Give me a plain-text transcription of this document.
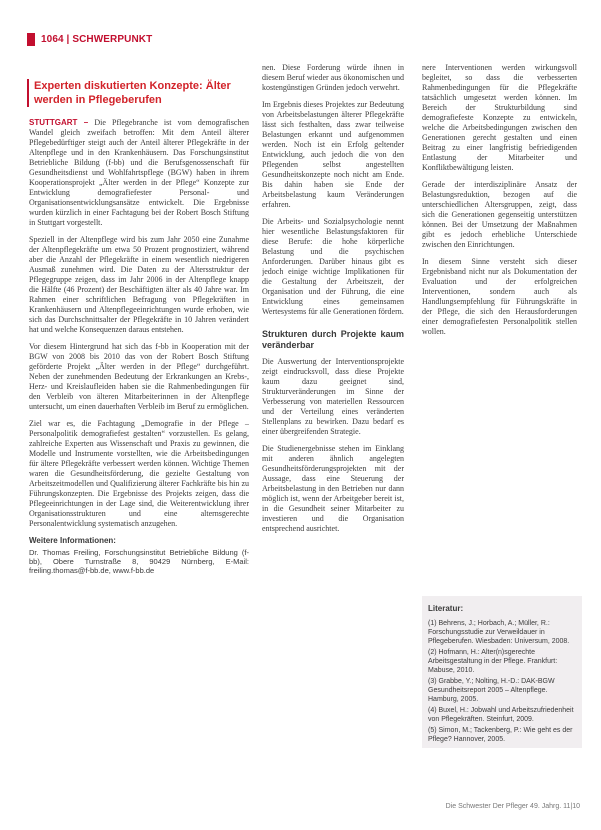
1064 | SCHWERPUNKT
Experten diskutierten Konzepte: Älter werden in Pflegeberufen

STUTTGART – Die Pflegebranche ist vom demografischen Wandel gleich zweifach betroffen: Mit dem Anteil älterer Pflegebedürftiger steigt auch der Anteil älterer Pflegekräfte in der Altenpflege und in den Krankenhäusern. Das Forschungsinstitut Betriebliche Bildung (f-bb) und die Berufsgenossenschaft für Gesundheitsdienst und Wohlfahrtspflege (BGW) haben in ihrem Kooperationsprojekt „Älter werden in der Pflege“ Konzepte zur Entwicklung demografiefester Personal- und Organisationsentwicklungsansätze entwickelt. Die Ergebnisse wurden kürzlich in einer Fachtagung bei der Robert Bosch Stiftung in Stuttgart vorgestellt.

Speziell in der Altenpflege wird bis zum Jahr 2050 eine Zunahme der Altenpflegekräfte um etwa 50 Prozent prognostiziert, während aber die Anzahl der Pflegekräfte in einem wesentlich niedrigeren Ausmaß zunehmen wird. Die Daten zu der Altersstruktur der Pflegegruppe zeigen, dass im Jahr 2006 in der Altenpflege knapp die Hälfte (46 Prozent) der Beschäftigten älter als 40 Jahre war. Im Rahmen einer schriftlichen Befragung von Pflegekräften in Krankenhäusern und Altenpflegeeinrichtungen wurde erhoben, wie sich das Durchschnittsalter der Pflegekräfte in 10 Jahren verändert hat und welche Konsequenzen daraus entstehen.

Vor diesem Hintergrund hat sich das f-bb in Kooperation mit der BGW von 2008 bis 2010 das von der Robert Bosch Stiftung geförderte Projekt „Älter werden in der Pflege“ durchgeführt. Neben der zunehmenden Bedeutung der Erkrankungen an Krebs-, Herz- und Kreislaufleiden haben sie die Rahmenbedingungen für den Verbleib von älteren Mitarbeiterinnen in der Altenpflege untersucht, um einen dauerhaften Verbleib im Beruf zu ermöglichen.

Ziel war es, die Fachtagung „Demografie in der Pflege – Personalpolitik demografiefest gestalten“ vorzustellen. Es gelang, zahlreiche Experten aus Wissenschaft und Praxis zu gewinnen, die Modelle und Instrumente vorstellten, wie die Arbeitsbedingungen für ältere Pflegekräfte verbessert werden können. Wichtige Themen waren die Gesundheitsförderung, die gezielte Gestaltung von Arbeitszeitmodellen und Qualifizierung älterer Fachkräfte bis hin zu Führungskonzepten. Die Ergebnisse des Projekts zeigen, dass die Pflegeeinrichtungen in der Lage sind, die Weiterentwicklung ihrer Organisationsstrukturen und eine alternsgerechte Personalentwicklung systematisch anzugehen.

Weitere Informationen:
Dr. Thomas Freiling, Forschungsinstitut Betriebliche Bildung (f-bb), Obere Turnstraße 8, 90429 Nürnberg, E-Mail: freiling.thomas@f-bb.de, www.f-bb.de

nen. Diese Forderung würde ihnen in diesem Beruf wieder aus ökonomischen und kostengünstigen Gründen jedoch verwehrt.

Im Ergebnis dieses Projektes zur Bedeutung von Arbeitsbelastungen älterer Pflegekräfte lässt sich festhalten, dass zwar teilweise Belastungen erkannt und aufgenommen werden. Noch ist ein Erfolg geltender Entwicklung, auch jedoch die von den Pflegenden selbst angestellten Gesundheitskonzepte noch nicht am Ende. Bis dahin haben sie Ende der Arbeitsbelastung kaum Veränderungen erfahren.

Die Arbeits- und Sozialpsychologie nennt hier wesentliche Belastungsfaktoren für diese Berufe: die hohe körperliche Belastung und die psychischen Anforderungen. Darüber hinaus gibt es jedoch einige wichtige Implikationen für die Gestaltung der Arbeitszeit, der Organisation und der Führung, die eine Entwicklung eines gemeinsamen Wertesystems für alle Generationen fördern.

Strukturen durch Projekte kaum veränderbar

Die Auswertung der Interventionsprojekte zeigt eindrucksvoll, dass diese Projekte kaum dazu geeignet sind, Strukturveränderungen im Sinne der Verbesserung von materiellen Ressourcen und der Verteilung eines veränderten Stellenplans zu bewirken. Dazu bedarf es einer übergreifenden Strategie.

Die Studienergebnisse stehen im Einklang mit anderen ähnlich angelegten Gesundheitsförderungsprojekten mit der Aussage, dass eine Steuerung der Arbeitsbelastung in den Betrieben nur dann möglich ist, wenn der Arbeitgeber bereit ist, in die Gesundheit seiner Mitarbeiter zu investieren und die Organisation entsprechend ausrichtet.

nere Interventionen werden wirkungsvoll begleitet, so dass die verbesserten Rahmenbedingungen für die Pflegekräfte tatsächlich umgesetzt werden können. Im Bereich der Strukturbildung sind demografiefeste Konzepte zu entwickeln, welche die Arbeitsbedingungen zwischen den Generationen gerecht gestalten und einen Beitrag zu einer langfristig befriedigenden Entlastung der Mitarbeiter und Konfliktbewältigung leisten.

Gerade der interdisziplinäre Ansatz der Belastungsreduktion, bezogen auf die unterschiedlichen Altersgruppen, zeigt, dass sich die Generationen gegenseitig unterstützen können. Bei der Umsetzung der Maßnahmen gibt es jedoch erhebliche Unterschiede zwischen den Einrichtungen.

In diesem Sinne versteht sich dieser Ergebnisband nicht nur als Dokumentation der Evaluation und der erfolgreichen Interventionen, sondern auch als Handlungsempfehlung für Führungskräfte in der Pflege, die sich den Herausforderungen einer demografiefesten Personalpolitik stellen wollen.

Literatur:
(1) Behrens, J.; Horbach, A.; Müller, R.: Forschungsstudie zur Verweildauer in Pflegeberufen. Wiesbaden: Universum, 2008.
(2) Hofmann, H.: Alter(n)sgerechte Arbeitsgestaltung in der Pflege. Frankfurt: Mabuse, 2010.
(3) Grabbe, Y.; Nolting, H.-D.: DAK-BGW Gesundheitsreport 2005 – Altenpflege. Hamburg, 2005.
(4) Buxel, H.: Jobwahl und Arbeitszufriedenheit von Pflegekräften. Steinfurt, 2009.
(5) Simon, M.; Tackenberg, P.: Wie geht es der Pflege? Hannover, 2005.
Die Schwester Der Pfleger 49. Jahrg. 11|10
